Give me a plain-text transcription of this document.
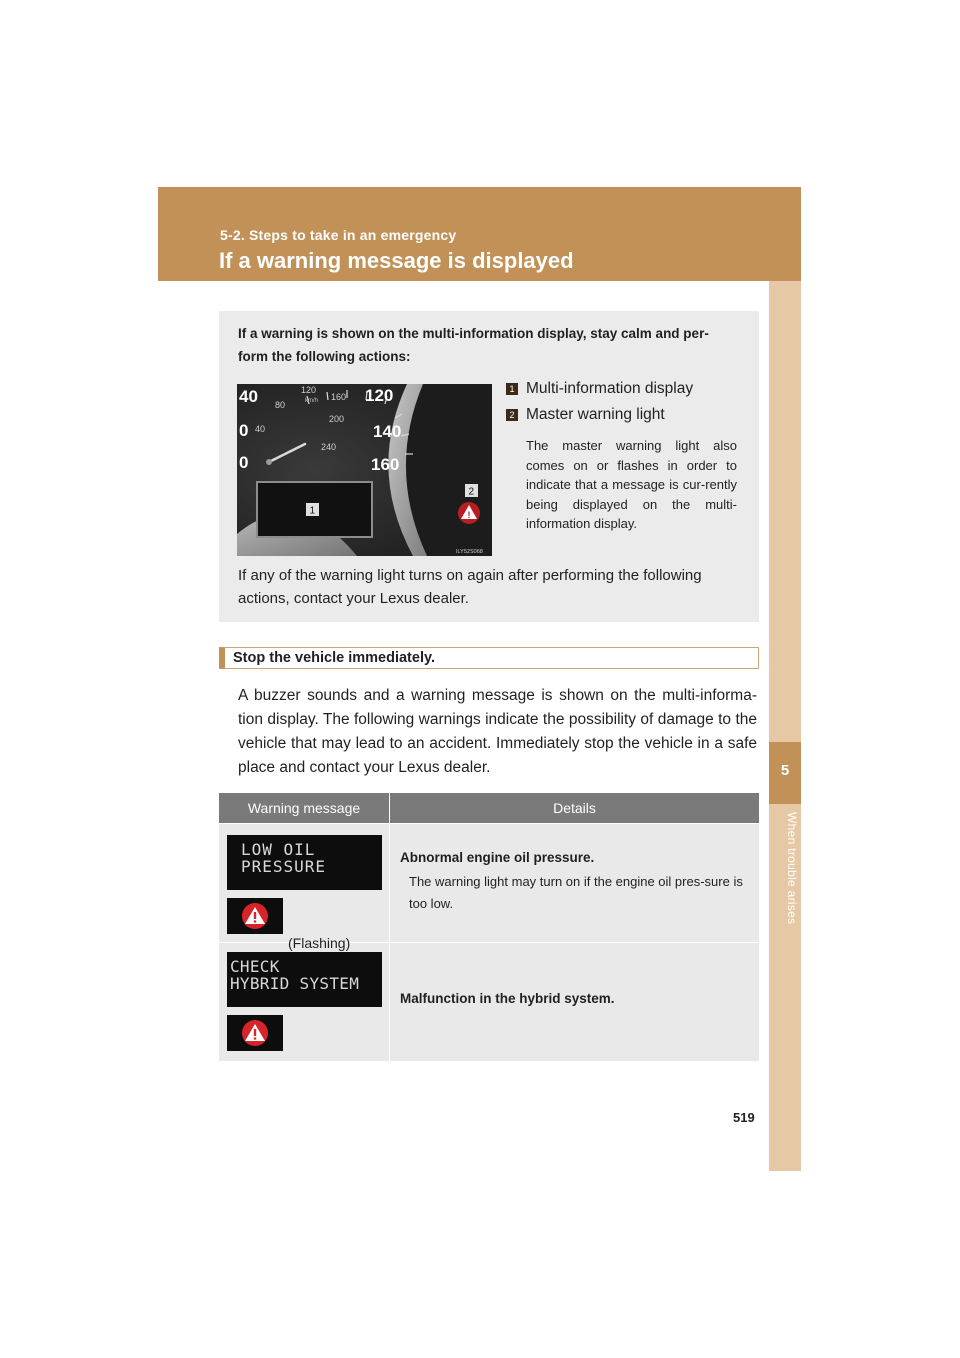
5-2. Steps to take in an emergency
If a warning message is displayed
5
When trouble arises
If a warning is shown on the multi-information display, stay calm and per-form the following actions:
40
0
0
40
80
120
160
200
240
km/h	120
140
160
1
2
!
ILY52S068
1 Multi-information display
2 Master warning light
The master warning light also comes on or flashes in order to indicate that a message is cur-rently being displayed on the multi-information display.
If any of the warning light turns on again after performing the following actions, contact your Lexus dealer.
Stop the vehicle immediately.
A buzzer sounds and a warning message is shown on the multi-informa-tion display. The following warnings indicate the possibility of damage to the vehicle that may lead to an accident. Immediately stop the vehicle in a safe place and contact your Lexus dealer.
Warning message	Details
LOW OIL
PRESSURE
(Flashing)
Abnormal engine oil pressure.
The warning light may turn on if the engine oil pres-sure is too low.
CHECK
HYBRID SYSTEM
Malfunction in the hybrid system.
519
